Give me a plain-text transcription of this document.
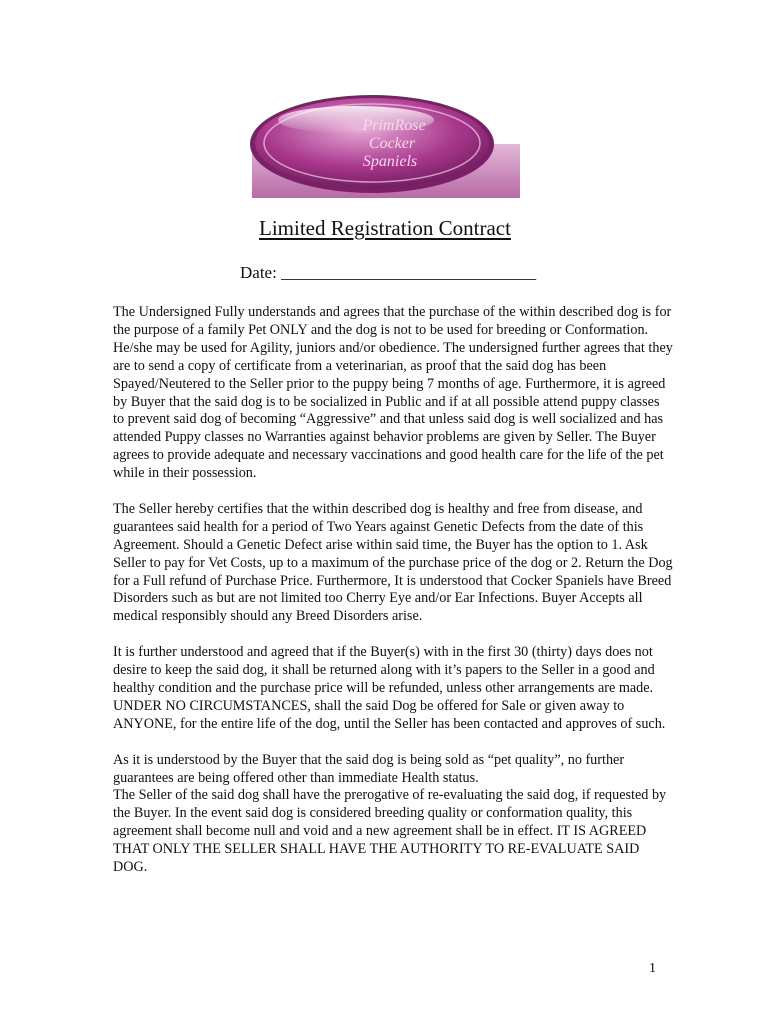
PrimRose
Cocker
Spaniels
Limited Registration Contract
Date: ______________________________

The Undersigned Fully understands and agrees that the purchase of the within described dog is for the purpose of a family Pet ONLY and the dog is not to be used for breeding or Conformation. He/she may be used for Agility, juniors and/or obedience. The undersigned further agrees that they are to send a copy of certificate from a veterinarian, as proof that the said dog has been Spayed/Neutered to the Seller prior to the puppy being 7 months of age. Furthermore, it is agreed by Buyer that the said dog is to be socialized in Public and if at all possible attend puppy classes to prevent said dog of becoming “Aggressive” and that unless said dog is well socialized and has attended Puppy classes no Warranties against behavior problems are given by Seller. The Buyer agrees to provide adequate and necessary vaccinations and good health care for the life of the pet while in their possession.

The Seller hereby certifies that the within described dog is healthy and free from disease, and guarantees said health for a period of Two Years against Genetic Defects from the date of this Agreement. Should a Genetic Defect arise within said time, the Buyer has the option to 1. Ask Seller to pay for Vet Costs, up to a maximum of the purchase price of the dog or 2. Return the Dog for a Full refund of Purchase Price. Furthermore, It is understood that Cocker Spaniels have Breed Disorders such as but are not limited too Cherry Eye and/or Ear Infections. Buyer Accepts all medical responsibly should any Breed Disorders arise.

It is further understood and agreed that if the Buyer(s) with in the first 30 (thirty) days does not desire to keep the said dog, it shall be returned along with it’s papers to the Seller in a good and healthy condition and the purchase price will be refunded, unless other arrangements are made. UNDER NO CIRCUMSTANCES, shall the said Dog be offered for Sale or given away to ANYONE, for the entire life of the dog, until the Seller has been contacted and approves of such.

As it is understood by the Buyer that the said dog is being sold as “pet quality”, no further guarantees are being offered other than immediate Health status.
The Seller of the said dog shall have the prerogative of re-evaluating the said dog, if requested by the Buyer. In the event said dog is considered breeding quality or conformation quality, this agreement shall become null and void and a new agreement shall be in effect. IT IS AGREED THAT ONLY THE SELLER SHALL HAVE THE AUTHORITY TO RE-EVALUATE SAID DOG.

1
